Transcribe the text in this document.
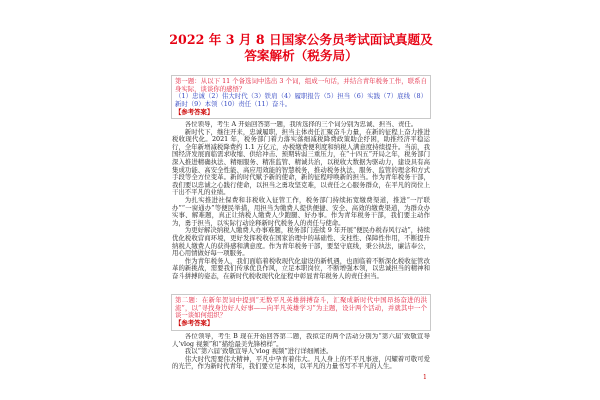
2022 年 3 月 8 日国家公务员考试面试真题及
答案解析（税务局）
第一题：从以下 11 个备选词中选出 3 个词，组成一句话，并结合青年税务工作，联系自身实际，谈谈你的感悟？
（1）忠诚（2）伟大时代（3）铁肩（4）履职报告（5）担当（6）实践（7）底线（8）新时（9）本领（10）责任（11）奋斗。
【参考答案】

各位领导，考生 A 开始回答第一题，我所选择的三个词分别为忠诚、担当、责任。

新时代下，继往开来，忠诚履职，担当主体责任汇聚奋斗力量，在新的征程上奋力推进税收现代化。2021 年，税务部门着力落实落细减税降费政策助企纾困，助推经济平稳运行，全年新增减税降费约 1.1 万亿元，办税缴费便利度和纳税人满意度持续提升。当前，我国经济发展面临需求收缩、供给冲击、预期转弱三重压力，在“十四五”开局之年，税务部门深入推进精确执法、精细服务、精准监管、精诚共治，以税收大数据为驱动力，建设具有高集成功能、高安全性能、高应用效能的智慧税务，推动税务执法、服务、监管的理念和方式手段等全方位变革。新的时代赋予新的使命，新的征程呼唤新的担当。作为青年税务干部，我们要以忠诚之心践行使命，以担当之勇攻坚克难，以责任之心服务群众，在平凡的岗位上干出不平凡的业绩。

为扎实推进社保费和非税收入征管工作，税务部门持续拓宽缴费渠道，推进“一厅联办”“一窗通办”等便民举措，用担当为缴费人提供便捷、安全、高效的缴费渠道，为群众办实事、解难题，真正让纳税人缴费人少跑腿、好办事。作为青年税务干部，我们要主动作为，勇于担当，以实际行动诠释新时代税务人的责任与使命。

为更好解决纳税人缴费人办事难题，税务部门连续 9 年开展“便民办税春风行动”，持续优化税收营商环境，更好发挥税收在国家治理中的基础性、支柱性、保障性作用，不断提升纳税人缴费人的获得感和满意度。作为青年税务干部，要坚守底线，秉公执法，廉洁奉公，用心用情做好每一项服务。

作为青年税务人，我们面临着税收现代化建设的新机遇，也面临着不断深化税收征管改革的新挑战，需要我们传承优良作风，立足本职岗位，不断增强本领，以忠诚担当的精神和奋斗拼搏的姿态，在新时代税收现代化征程中彰显青年税务人的责任担当。

第二题：在新年贺词中提到“无数平凡英雄拼搏奋斗，汇聚成新时代中国昂扬奋进的洪流”，以“寻找身边好人好事——向平凡英雄学习”为主题，设计两个活动，并就其中一个谈一谈如何组织？
【参考答案】

各位领导，考生 B 现在开始回答第二题，我拟定的两个活动分别为“第六届‘致敬宣导人’vlog 视频”和“描绘最美先锋榜样”。

我以“第六届‘致敬宣导人’vlog 视频”进行详细阐述。

伟大时代需要伟大精神，平凡中孕育着伟大。凡人身上的不平凡事迹，闪耀着可敬可爱的光芒，作为新时代青年，我们要立足本岗，以平凡的力量书写不平凡的人生。

1
